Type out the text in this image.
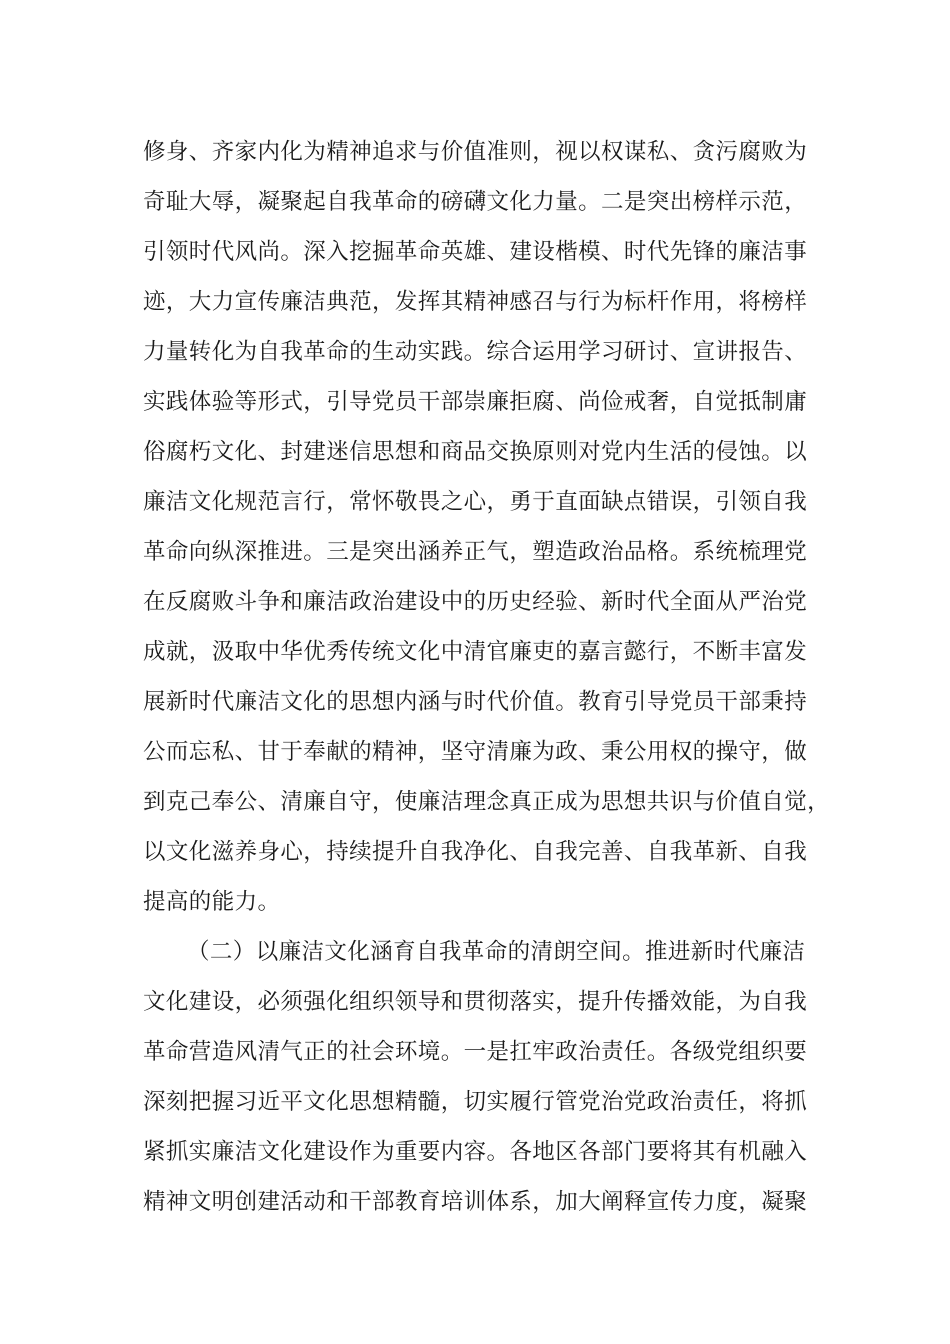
修身、齐家内化为精神追求与价值准则，视以权谋私、贪污腐败为
奇耻大辱，凝聚起自我革命的磅礴文化力量。二是突出榜样示范，
引领时代风尚。深入挖掘革命英雄、建设楷模、时代先锋的廉洁事
迹，大力宣传廉洁典范，发挥其精神感召与行为标杆作用，将榜样
力量转化为自我革命的生动实践。综合运用学习研讨、宣讲报告、
实践体验等形式，引导党员干部崇廉拒腐、尚俭戒奢，自觉抵制庸
俗腐朽文化、封建迷信思想和商品交换原则对党内生活的侵蚀。以
廉洁文化规范言行，常怀敬畏之心，勇于直面缺点错误，引领自我
革命向纵深推进。三是突出涵养正气，塑造政治品格。系统梳理党
在反腐败斗争和廉洁政治建设中的历史经验、新时代全面从严治党
成就，汲取中华优秀传统文化中清官廉吏的嘉言懿行，不断丰富发
展新时代廉洁文化的思想内涵与时代价值。教育引导党员干部秉持
公而忘私、甘于奉献的精神，坚守清廉为政、秉公用权的操守，做
到克己奉公、清廉自守，使廉洁理念真正成为思想共识与价值自觉，
以文化滋养身心，持续提升自我净化、自我完善、自我革新、自我
提高的能力。
（二）以廉洁文化涵育自我革命的清朗空间。推进新时代廉洁
文化建设，必须强化组织领导和贯彻落实，提升传播效能，为自我
革命营造风清气正的社会环境。一是扛牢政治责任。各级党组织要
深刻把握习近平文化思想精髓，切实履行管党治党政治责任，将抓
紧抓实廉洁文化建设作为重要内容。各地区各部门要将其有机融入
精神文明创建活动和干部教育培训体系，加大阐释宣传力度，凝聚
